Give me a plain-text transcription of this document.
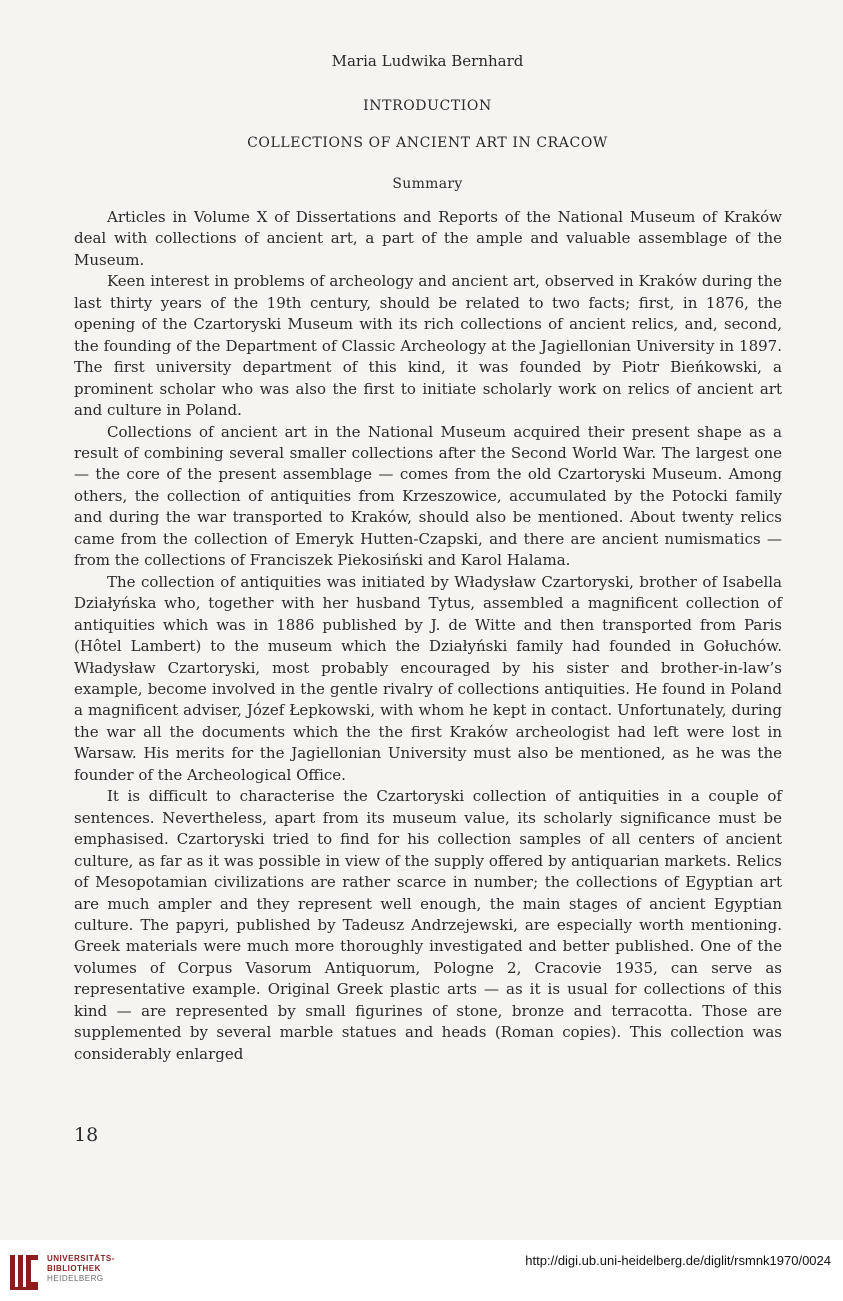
Maria Ludwika Bernhard
INTRODUCTION
COLLECTIONS OF ANCIENT ART IN CRACOW
Summary

Articles in Volume X of Dissertations and Reports of the National Museum of Kraków deal with collections of ancient art, a part of the ample and valuable assemblage of the Museum.

Keen interest in problems of archeology and ancient art, observed in Kraków during the last thirty years of the 19th century, should be related to two facts; first, in 1876, the opening of the Czartoryski Museum with its rich collections of ancient relics, and, second, the founding of the Department of Classic Archeology at the Jagiellonian University in 1897. The first university department of this kind, it was founded by Piotr Bieńkowski, a prominent scholar who was also the first to initiate scholarly work on relics of ancient art and culture in Poland.

Collections of ancient art in the National Museum acquired their present shape as a result of combining several smaller collections after the Second World War. The largest one — the core of the present assemblage — comes from the old Czartoryski Museum. Among others, the collection of antiquities from Krzeszowice, accumulated by the Potocki family and during the war transported to Kraków, should also be mentioned. About twenty relics came from the collection of Emeryk Hutten-Czapski, and there are ancient numismatics — from the collections of Franciszek Piekosiński and Karol Halama.

The collection of antiquities was initiated by Władysław Czartoryski, brother of Isabella Działyńska who, together with her husband Tytus, assembled a magnificent collection of antiquities which was in 1886 published by J. de Witte and then transported from Paris (Hôtel Lambert) to the museum which the Działyński family had founded in Gołuchów. Władysław Czartoryski, most probably encouraged by his sister and brother-in-law’s example, become involved in the gentle rivalry of collections antiquities. He found in Poland a magnificent adviser, Józef Łepkowski, with whom he kept in contact. Unfortunately, during the war all the documents which the the first Kraków archeologist had left were lost in Warsaw. His merits for the Jagiellonian University must also be mentioned, as he was the founder of the Archeological Office.

It is difficult to characterise the Czartoryski collection of antiquities in a couple of sentences. Nevertheless, apart from its museum value, its scholarly significance must be emphasised. Czartoryski tried to find for his collection samples of all centers of ancient culture, as far as it was possible in view of the supply offered by antiquarian markets. Relics of Mesopotamian civilizations are rather scarce in number; the collections of Egyptian art are much ampler and they represent well enough, the main stages of ancient Egyptian culture. The papyri, published by Tadeusz Andrzejewski, are especially worth mentioning. Greek materials were much more thoroughly investigated and better published. One of the volumes of Corpus Vasorum Antiquorum, Pologne 2, Cracovie 1935, can serve as representative example. Original Greek plastic arts — as it is usual for collections of this kind — are represented by small figurines of stone, bronze and terracotta. Those are supplemented by several marble statues and heads (Roman copies). This collection was considerably enlarged

18
UNIVERSITÄTS-
BIBLIOTHEK
HEIDELBERG
http://digi.ub.uni-heidelberg.de/diglit/rsmnk1970/0024
